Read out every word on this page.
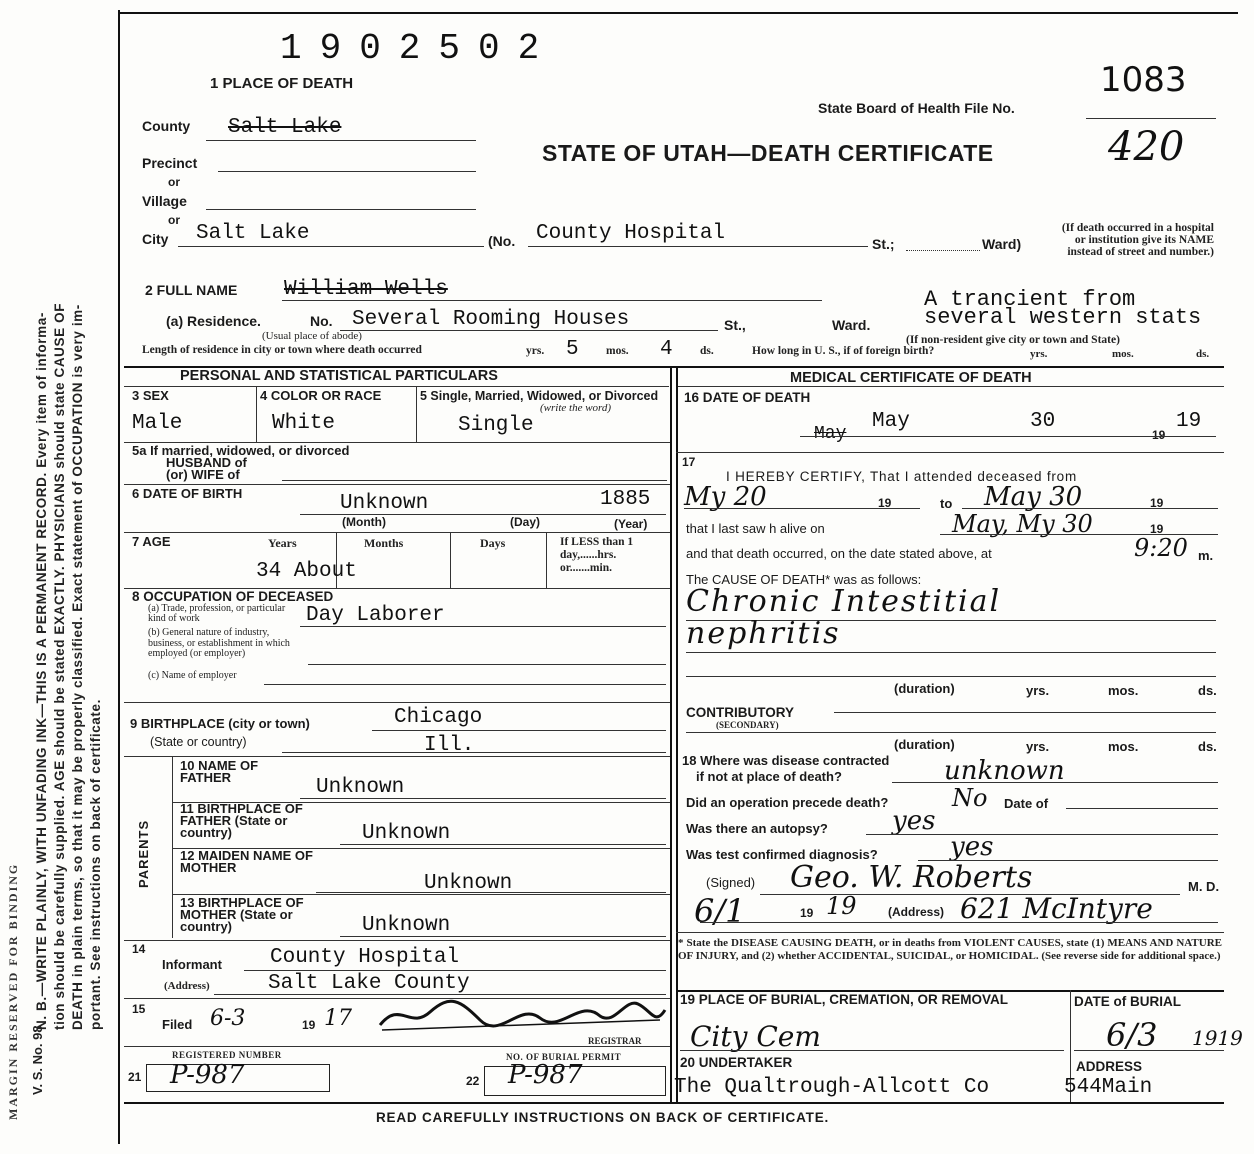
MARGIN RESERVED FOR BINDING V. S. No. 98
N. B.—WRITE PLAINLY, WITH UNFADING INK—THIS IS A PERMANENT RECORD. Every item of informa- tion should be carefully supplied. AGE should be stated EXACTLY. PHYSICIANS should state CAUSE OF DEATH in plain terms, so that it may be properly classified. Exact statement of OCCUPATION is very im- portant. See instructions on back of certificate.
1902502
1 PLACE OF DEATH	1083
State Board of Health File No.
STATE OF UTAH—DEATH CERTIFICATE	420
County Salt Lake
Precinct
or
Village
or
City Salt Lake	(No. County Hospital	St.;	Ward)
(If death occurred in a hospital or institution give its NAME instead of street and number.)
2 FULL NAME William Wells	A trancient from
several western stats
(a) Residence.	No.
(Usual place of abode)
Several Rooming Houses	St.,	Ward.
(If non-resident give city or town and State)
Length of residence in city or town where death occurred	yrs. 5 mos. 4 ds.	How long in U. S., if of foreign birth?	yrs.	mos.	ds.
PERSONAL AND STATISTICAL PARTICULARS	MEDICAL CERTIFICATE OF DEATH
3 SEX
Male
4 COLOR OR RACE
White
5 Single, Married, Widowed, or Divorced
(write the word)
Single
5a If married, widowed, or divorced
HUSBAND of
(or) WIFE of
6 DATE OF BIRTH	Unknown	1885
(Month)	(Day)	(Year)
7 AGE	Years	Months	Days	If LESS than 1 day,......hrs. or.......min.
34 About
8 OCCUPATION OF DECEASED
(a) Trade, profession, or particular kind of work	Day Laborer
(b) General nature of industry, business, or establishment in which employed (or employer)
(c) Name of employer
9 BIRTHPLACE (city or town)	Chicago
(State or country)	Ill.
PARENTS
10 NAME OF FATHER	Unknown
11 BIRTHPLACE OF FATHER (State or country)	Unknown
12 MAIDEN NAME OF MOTHER
Unknown
13 BIRTHPLACE OF MOTHER (State or country)	Unknown
14
Informant County Hospital
(Address)	Salt Lake County
15
Filed 6-3	19 17
REGISTRAR
REGISTERED NUMBER
21 P-987
NO. OF BURIAL PERMIT
22 P-987
16 DATE OF DEATH
May
May	30
19
19
17
I HEREBY CERTIFY, That I attended deceased from
My 20	19	to May 30	19
that I last saw h alive on	May, My 30	19
and that death occurred, on the date stated above, at	9:20 m.
The CAUSE OF DEATH* was as follows:
Chronic Intestitial
nephritis
(duration)	yrs.	mos.	ds.
CONTRIBUTORY
(SECONDARY)
(duration)	yrs.	mos.	ds.
18 Where was disease contracted
if not at place of death?	unknown
Did an operation precede death?	No Date of
Was there an autopsy? yes
Was test confirmed diagnosis?	yes
(Signed) Geo. W. Roberts	M. D.
6/1	19 19	(Address) 621 McIntyre
* State the DISEASE CAUSING DEATH, or in deaths from VIOLENT CAUSES, state (1) MEANS AND NATURE OF INJURY, and (2) whether ACCIDENTAL, SUICIDAL, or HOMICIDAL. (See reverse side for additional space.)
19 PLACE OF BURIAL, CREMATION, OR REMOVAL	DATE of BURIAL
City Cem	6/3 1919
20 UNDERTAKER	ADDRESS
The Qualtrough-Allcott Co	544Main
READ CAREFULLY INSTRUCTIONS ON BACK OF CERTIFICATE.
